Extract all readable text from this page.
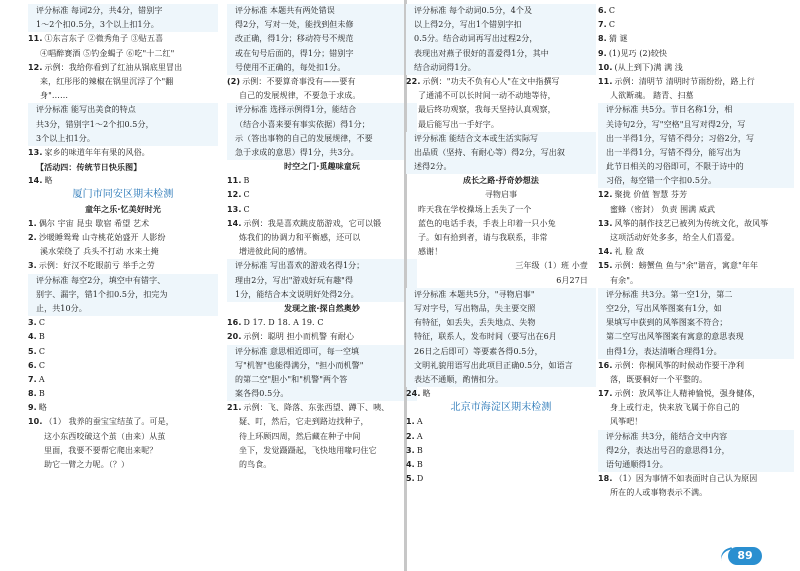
评分标准 每词2分，共4分，错别字
1～2个扣0.5分，3个以上扣1分。
11. ①东言东子 ②微秀角子 ③贴五喜
④唱醉赛酒 ⑤钓金蝎子 ⑥吃"十二红"
12. 示例：我给你看到了红油从锅底里冒出
来，红彤彤的辣椒在锅里沉浮了个"翻
身"……
评分标准 能写出美食的特点
共3分，错别字1～2个扣0.5分，
3个以上扣1分。
13. 家乡的味道年年有果的风俗。
【活动四：传统节日快乐图】
14. 略
厦门市同安区期末检测
童年之乐·忆美好时光
1. 偶尔 宇宙 昆虫 歇宿 希望 艺术
2. 沙暖睡鸳鸯 山寺桃花始盛开 人影纷
溪水荣绕了 兵头不打动 水来土掩
3. 示例：好汉不吃眼前亏 举手之劳
评分标准 每空2分，填空中有错字、
别字、漏字，错1个扣0.5分，扣完为
止，共10分。
3. C
4. B
5. C
6. C
7. A
8. B
9. 略
10. （1） 我养的蚕宝宝结茧了。可是，
这小东西咬破这个茧（由来）从茧
里面，我要不要帮它爬出来呢？
助它一臂之力呢。（？）
评分标准 本题共有两处错误
得2分，写对一处，能找到但未修
改正确，得1分；移动符号不规范
或在句号后面的，得1分；错别字
号使用不正确的，每处扣1分。
(2) 示例：不要算奇事没有——要有
自己的发展规律，不要急于求成。
评分标准 选择示例得1分，能结合
（结合小喜来要有事实依据）得1分；
示（答出事物的自己的发展规律，不要
急于求成的意思）得1分，共3分。
时空之门·觅趣味童玩
11. B
12. C
13. C
14. 示例：我是喜欢跳皮筋游戏，它可以锻
炼我们的协调力和平衡感，还可以
增进彼此间的感情。
评分标准 写出喜欢的游戏名得1分；
理由2分，写出"游戏好玩有趣"得
1分，能结合本文说明好处得2分。
发现之旅·探自然奥妙
16. D 17. D 18. A 19. C
20. 示例：聪明 担小而机警 有耐心
评分标准 意思相近即可，每一空填
写"机智"也能得满分，"担小而机警"
的第二空"胆小"和"机警"两个答
案各得0.5分。
21. 示例：飞、降落、东张西望、蹲下、咦、
疑、叮，然后，它走到路边找种子，
待上环顾四周，然后藏在种子中间
坐下，发觉蹑蹑起，飞快地用喙叼住它
的鸟食。
评分标准 每个动词0.5分，4个及
以上得2分，写出1个错别字扣
0.5分。结合动词再写出过程2分，
表现出对燕子很好的喜爱得1分，其中
结合动词得1分。
22. 示例："功夫不负有心人"在文中指撰写
了通浦不可以长时间一动不动地等待，
最后终功观察，我每天坚持认真观察，
最后能写出一手好字。
评分标准 能结合文本或生活实际写
出品质（坚持、有耐心等）得2分，写出叙
述得2分。
成长之路·抒奇妙想法
寻物启事
昨天我在学校操场上丢失了一个
蓝色的电话手表，手表上印着一只小兔
子。如有拾到者，请与我联系，非常
感谢！
三年级（1）班 小壹
6月27日
评分标准 本题共5分，"寻物启事"
写对字号，写出物品，失主要交照
有特征，如丢失，丢失地点、失物
特征，联系人，发布时间（要写出在6月
26日之后即可）等要素各得0.5分，
文明礼貌用语写出此项目正确0.5分，如语言
表达不通顺，酌情扣分。
24. 略
北京市海淀区期末检测
1. A
2. A
3. B
4. B
5. D
6. C
7. C
8. 猜 谜
9. (1)见巧 (2)较快
10. (从上到下)满 满 浅
11. 示例：清明节 清明时节雨纷纷，路上行
人欲断魂。 踏青、扫墓
评分标准 共5分。节日名称1分，相
关诗句2分，写"空格"且写对得2分，写
出一半得1分，写错不得分；习俗2分，写
出一半得1分，写错不得分，能写出为
此节日相关的习俗即可，不限于诗中的
习俗，每空错一个字扣0.5分。
12. 聚拢 价值 智慧 芬芳
蜜蜂（密封） 负责 围满 威武
13. 风筝的制作技艺已被列为传统文化，故风筝
这项活动好处多多，给全人们喜爱。
14. 礼 脸 敌
15. 示例：螃蟹鱼 鱼与"余"谐音，寓意"年年
有余"。
评分标准 共3分。第一空1分，第二
空2分，写出风筝图案有1分，如
果填写中获到的风筝图案不符合；
第二空写出风筝图案有寓意的意思表现
由得1分，表达清晰合理得1分。
16. 示例：你桐风筝的时候动作要干净利
落，既要桐好一个平整的。
17. 示例：放风筝让人精神愉悦，强身健体，
身上或行走，快来放飞属于你自己的
风筝吧！
评分标准 共3分，能结合文中内容
得2分，表达出号召的意思得1分，
语句通顺得1分。
18. （1）因为事情不如表面时自己认为原因
所在的人或事物表示不满。
89
